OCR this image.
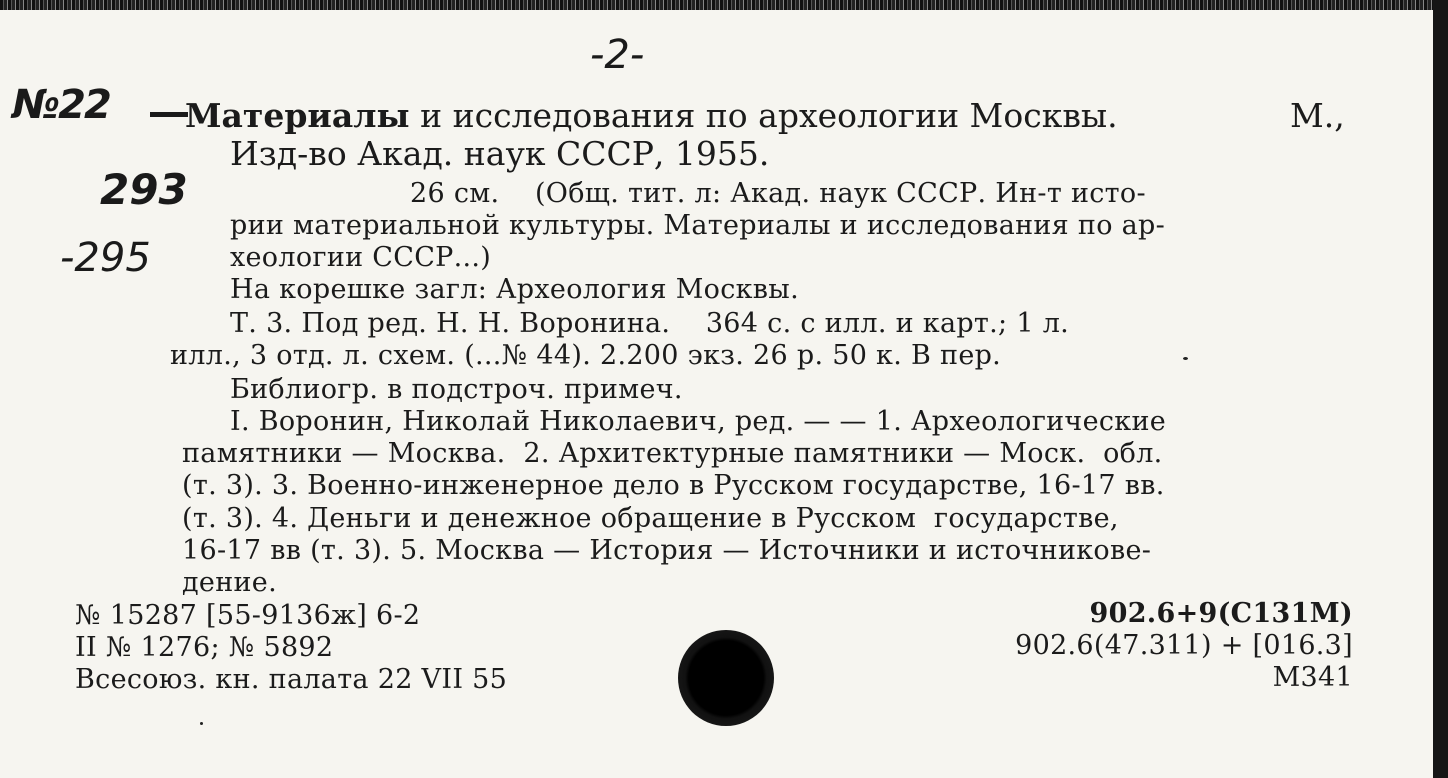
-2-
№22
293
-295
Материалы и исследования по археологии Москвы.	М.,
Изд-во Акад. наук СССР, 1955.
26 см.    (Общ. тит. л: Акад. наук СССР. Ин-т исто-
рии материальной культуры. Материалы и исследования по ар-
хеологии СССР...)
На корешке загл: Археология Москвы.
Т. 3. Под ред. Н. Н. Воронина.    364 с. с илл. и карт.; 1 л.
илл., 3 отд. л. схем. (...№ 44). 2.200 экз. 26 р. 50 к. В пер.
Библиогр. в подстроч. примеч.
I. Воронин, Николай Николаевич, ред. — — 1. Археологические
памятники — Москва.  2. Архитектурные памятники — Моск.  обл.
(т. 3). 3. Военно-инженерное дело в Русском государстве, 16-17 вв.
(т. 3). 4. Деньги и денежное обращение в Русском  государстве,
16-17 вв (т. 3). 5. Москва — История — Источники и источникове-
дение.
№ 15287 [55-9136ж] 6-2
II № 1276; № 5892
Всесоюз. кн. палата 22 VII 55
902.6+9(С131М)
902.6(47.311) + [016.3]
М341
